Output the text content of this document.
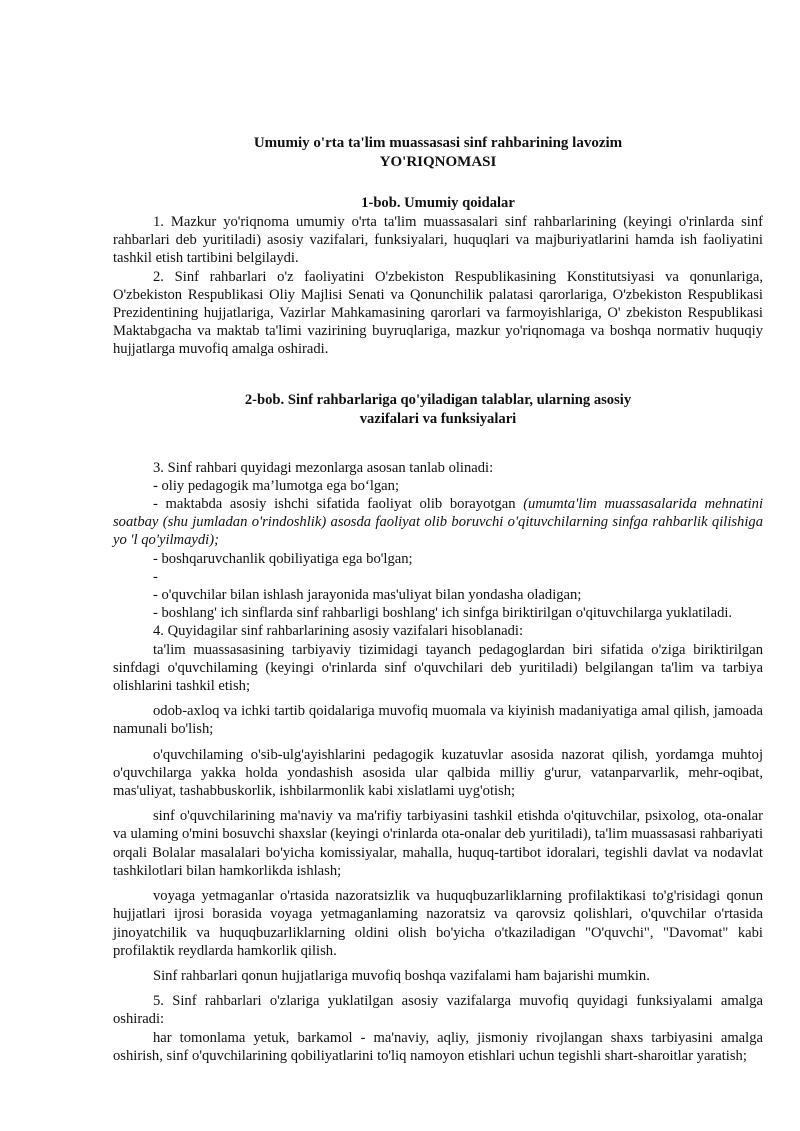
Umumiy o'rta ta'lim muassasasi sinf rahbarining lavozim
YO'RIQNOMASI
1-bob. Umumiy qoidalar

1. Mazkur yo'riqnoma umumiy o'rta ta'lim muassasalari sinf rahbarlarining (keyingi o'rinlarda sinf rahbarlari deb yuritiladi) asosiy vazifalari, funksiyalari, huquqlari va majburiyatlarini hamda ish faoliyatini tashkil etish tartibini belgilaydi.

2. Sinf rahbarlari o'z faoliyatini O'zbekiston Respublikasining Konstitutsiyasi va qonunlariga, O'zbekiston Respublikasi Oliy Majlisi Senati va Qonunchilik palatasi qarorlariga, O'zbekiston Respublikasi Prezidentining hujjatlariga, Vazirlar Mahkamasining qarorlari va farmoyishlariga, O' zbekiston Respublikasi Maktabgacha va maktab ta'limi vazirining buyruqlariga, mazkur yo'riqnomaga va boshqa normativ huquqiy hujjatlarga muvofiq amalga oshiradi.

2-bob. Sinf rahbarlariga qo'yiladigan talablar, ularning asosiy
vazifalari va funksiyalari

3. Sinf rahbari quyidagi mezonlarga asosan tanlab olinadi:

- oliy pedagogik ma’lumotga ega bo‘lgan;

- maktabda asosiy ishchi sifatida faoliyat olib borayotgan (umumta'lim muassasalarida mehnatini soatbay (shu jumladan o'rindoshlik) asosda faoliyat olib boruvchi o'qituvchilarning sinfga rahbarlik qilishiga yo 'l qo'yilmaydi);

- boshqaruvchanlik qobiliyatiga ega bo'lgan;

-

- o'quvchilar bilan ishlash jarayonida mas'uliyat bilan yondasha oladigan;

- boshlang' ich sinflarda sinf rahbarligi boshlang' ich sinfga biriktirilgan o'qituvchilarga yuklatiladi.

4. Quyidagilar sinf rahbarlarining asosiy vazifalari hisoblanadi:

ta'lim muassasasining tarbiyaviy tizimidagi tayanch pedagoglardan biri sifatida o'ziga biriktirilgan sinfdagi o'quvchilaming (keyingi o'rinlarda sinf o'quvchilari deb yuritiladi) belgilangan ta'lim va tarbiya olishlarini tashkil etish;

odob-axloq va ichki tartib qoidalariga muvofiq muomala va kiyinish madaniyatiga amal qilish, jamoada namunali bo'lish;

o'quvchilaming o'sib-ulg'ayishlarini pedagogik kuzatuvlar asosida nazorat qilish, yordamga muhtoj o'quvchilarga yakka holda yondashish asosida ular qalbida milliy g'urur, vatanparvarlik, mehr-oqibat, mas'uliyat, tashabbuskorlik, ishbilarmonlik kabi xislatlami uyg'otish;

sinf o'quvchilarining ma'naviy va ma'rifiy tarbiyasini tashkil etishda o'qituvchilar, psixolog, ota-onalar va ulaming o'mini bosuvchi shaxslar (keyingi o'rinlarda ota-onalar deb yuritiladi), ta'lim muassasasi rahbariyati orqali Bolalar masalalari bo'yicha komissiyalar, mahalla, huquq-tartibot idoralari, tegishli davlat va nodavlat tashkilotlari bilan hamkorlikda ishlash;

voyaga yetmaganlar o'rtasida nazoratsizlik va huquqbuzarliklarning profilaktikasi to'g'risidagi qonun hujjatlari ijrosi borasida voyaga yetmaganlaming nazoratsiz va qarovsiz qolishlari, o'quvchilar o'rtasida jinoyatchilik va huquqbuzarliklarning oldini olish bo'yicha o'tkaziladigan "O'quvchi", "Davomat" kabi profilaktik reydlarda hamkorlik qilish.

Sinf rahbarlari qonun hujjatlariga muvofiq boshqa vazifalami ham bajarishi mumkin.

5. Sinf rahbarlari o'zlariga yuklatilgan asosiy vazifalarga muvofiq quyidagi funksiyalami amalga oshiradi:

har tomonlama yetuk, barkamol - ma'naviy, aqliy, jismoniy rivojlangan shaxs tarbiyasini amalga oshirish, sinf o'quvchilarining qobiliyatlarini to'liq namoyon etishlari uchun tegishli shart-sharoitlar yaratish;
